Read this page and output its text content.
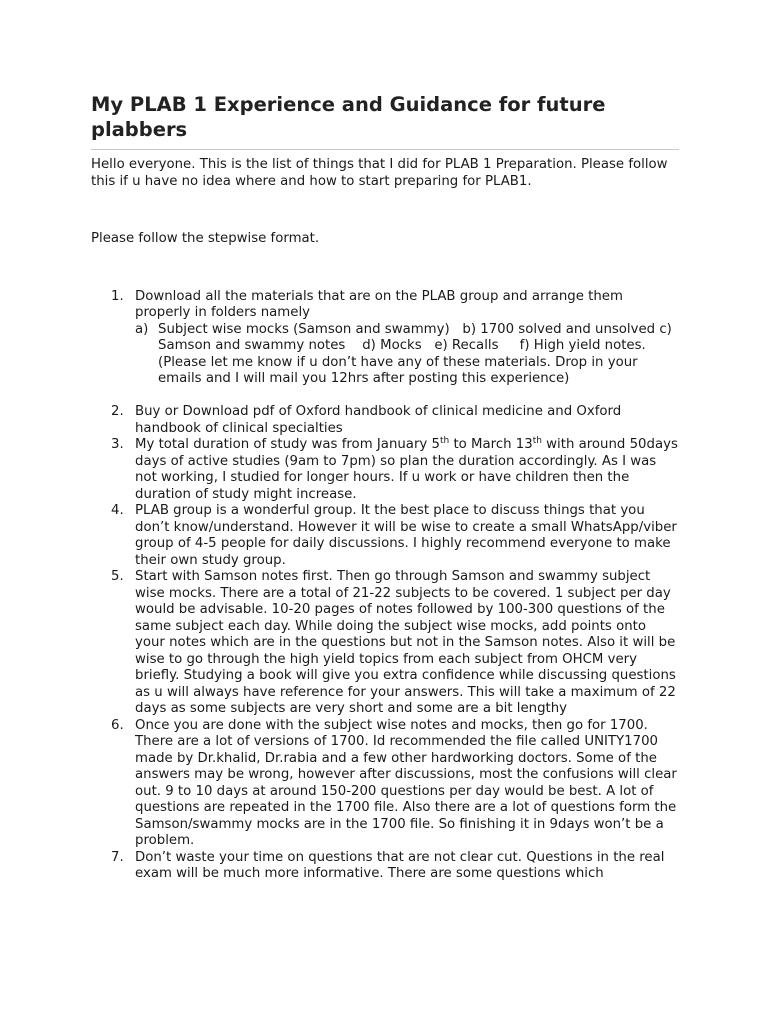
My PLAB 1 Experience and Guidance for future plabbers

Hello everyone. This is the list of things that I did for PLAB 1 Preparation. Please follow this if u have no idea where and how to start preparing for PLAB1.

Please follow the stepwise format.

1. Download all the materials that are on the PLAB group and arrange them properly in folders namely
a) Subject wise mocks (Samson and swammy)   b) 1700 solved and unsolved c) Samson and swammy notes    d) Mocks   e) Recalls     f) High yield notes.
(Please let me know if u don’t have any of these materials. Drop in your emails and I will mail you 12hrs after posting this experience)
2. Buy or Download pdf of Oxford handbook of clinical medicine and Oxford handbook of clinical specialties
3. My total duration of study was from January 5th to March 13th with around 50days days of active studies (9am to 7pm) so plan the duration accordingly. As I was not working, I studied for longer hours. If u work or have children then the duration of study might increase.
4. PLAB group is a wonderful group. It the best place to discuss things that you don’t know/understand. However it will be wise to create a small WhatsApp/viber group of 4-5 people for daily discussions. I highly recommend everyone to make their own study group.
5. Start with Samson notes first. Then go through Samson and swammy subject wise mocks. There are a total of 21-22 subjects to be covered. 1 subject per day would be advisable. 10-20 pages of notes followed by 100-300 questions of the same subject each day. While doing the subject wise mocks, add points onto your notes which are in the questions but not in the Samson notes. Also it will be wise to go through the high yield topics from each subject from OHCM very briefly. Studying a book will give you extra confidence while discussing questions as u will always have reference for your answers. This will take a maximum of 22 days as some subjects are very short and some are a bit lengthy
6. Once you are done with the subject wise notes and mocks, then go for 1700. There are a lot of versions of 1700. Id recommended the file called UNITY1700 made by Dr.khalid, Dr.rabia and a few other hardworking doctors. Some of the answers may be wrong, however after discussions, most the confusions will clear out. 9 to 10 days at around 150-200 questions per day would be best. A lot of questions are repeated in the 1700 file. Also there are a lot of questions form the Samson/swammy mocks are in the 1700 file. So finishing it in 9days won’t be a problem.
7. Don’t waste your time on questions that are not clear cut. Questions in the real exam will be much more informative. There are some questions which
